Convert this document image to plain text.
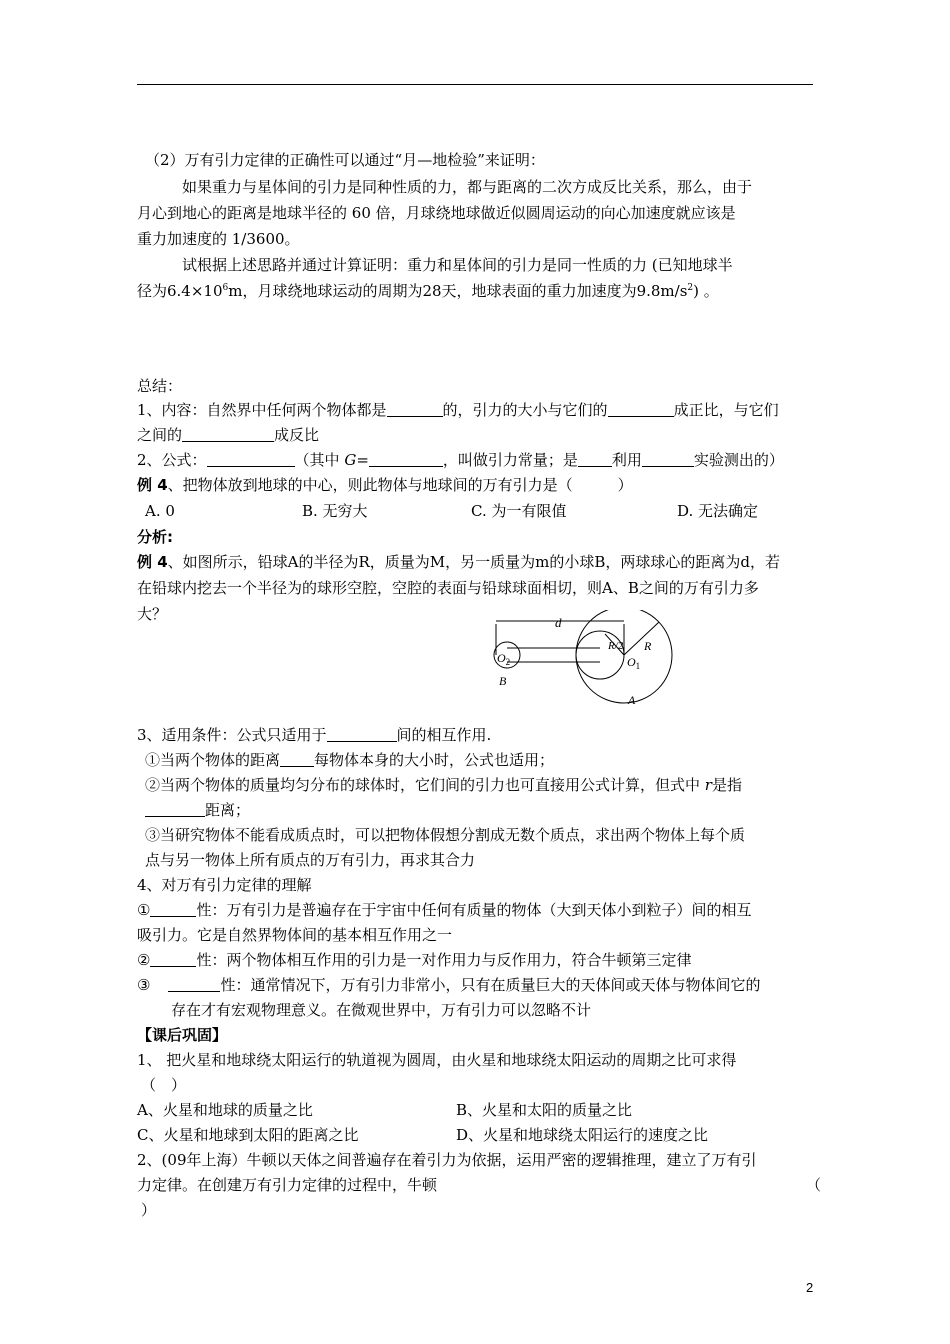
（2）万有引力定律的正确性可以通过“月—地检验”来证明：
如果重力与星体间的引力是同种性质的力，都与距离的二次方成反比关系，那么，由于
月心到地心的距离是地球半径的 60 倍，月球绕地球做近似圆周运动的向心加速度就应该是
重力加速度的 1/3600。
试根据上述思路并通过计算证明：重力和星体间的引力是同一性质的力 (已知地球半
径为$6.4\times 10^6m$，月球绕地球运动的周期为28天，地球表面的重力加速度为$9.8m/s^2$) 。
总结：
1、内容：自然界中任何两个物体都是	的，引力的大小与它们的	成正比，与它们
之间的	成反比
2、公式：	（其中 G=	，叫做引力常量；是 利用	实验测出的）
例 4、把物体放到地球的中心，则此物体与地球间的万有引力是（　　　）
A. 0	B. 无穷大	C. 为一有限值	D. 无法确定
分析:
例 4、如图所示，铅球A的半径为R，质量为M，另一质量为m的小球B，两球球心的距离为d，若
在铅球内挖去一个半径为的球形空腔，空腔的表面与铅球球面相切，则A、B之间的万有引力多
大？	d
R/2 R
$O_1$
$O_2$
B
A
3、适用条件：公式只适用于	间的相互作用.
①当两个物体的距离 每物体本身的大小时，公式也适用；
②当两个物体的质量均匀分布的球体时，它们间的引力也可直接用公式计算，但式中 r是指
距离；
③当研究物体不能看成质点时，可以把物体假想分割成无数个质点，求出两个物体上每个质
点与另一物体上所有质点的万有引力，再求其合力
4、对万有引力定律的理解
①	性：万有引力是普遍存在于宇宙中任何有质量的物体（大到天体小到粒子）间的相互
吸引力。它是自然界物体间的基本相互作用之一
②	性：两个物体相互作用的引力是一对作用力与反作用力，符合牛顿第三定律
③	性：通常情况下，万有引力非常小，只有在质量巨大的天体间或天体与物体间它的
存在才有宏观物理意义。在微观世界中，万有引力可以忽略不计
【课后巩固】
1、 把火星和地球绕太阳运行的轨道视为圆周，由火星和地球绕太阳运动的周期之比可求得
（　）
A、火星和地球的质量之比	B、火星和太阳的质量之比
C、火星和地球到太阳的距离之比	D、火星和地球绕太阳运行的速度之比
2、(09年上海）牛顿以天体之间普遍存在着引力为依据，运用严密的逻辑推理，建立了万有引
力定律。在创建万有引力定律的过程中，牛顿	（
）
2
